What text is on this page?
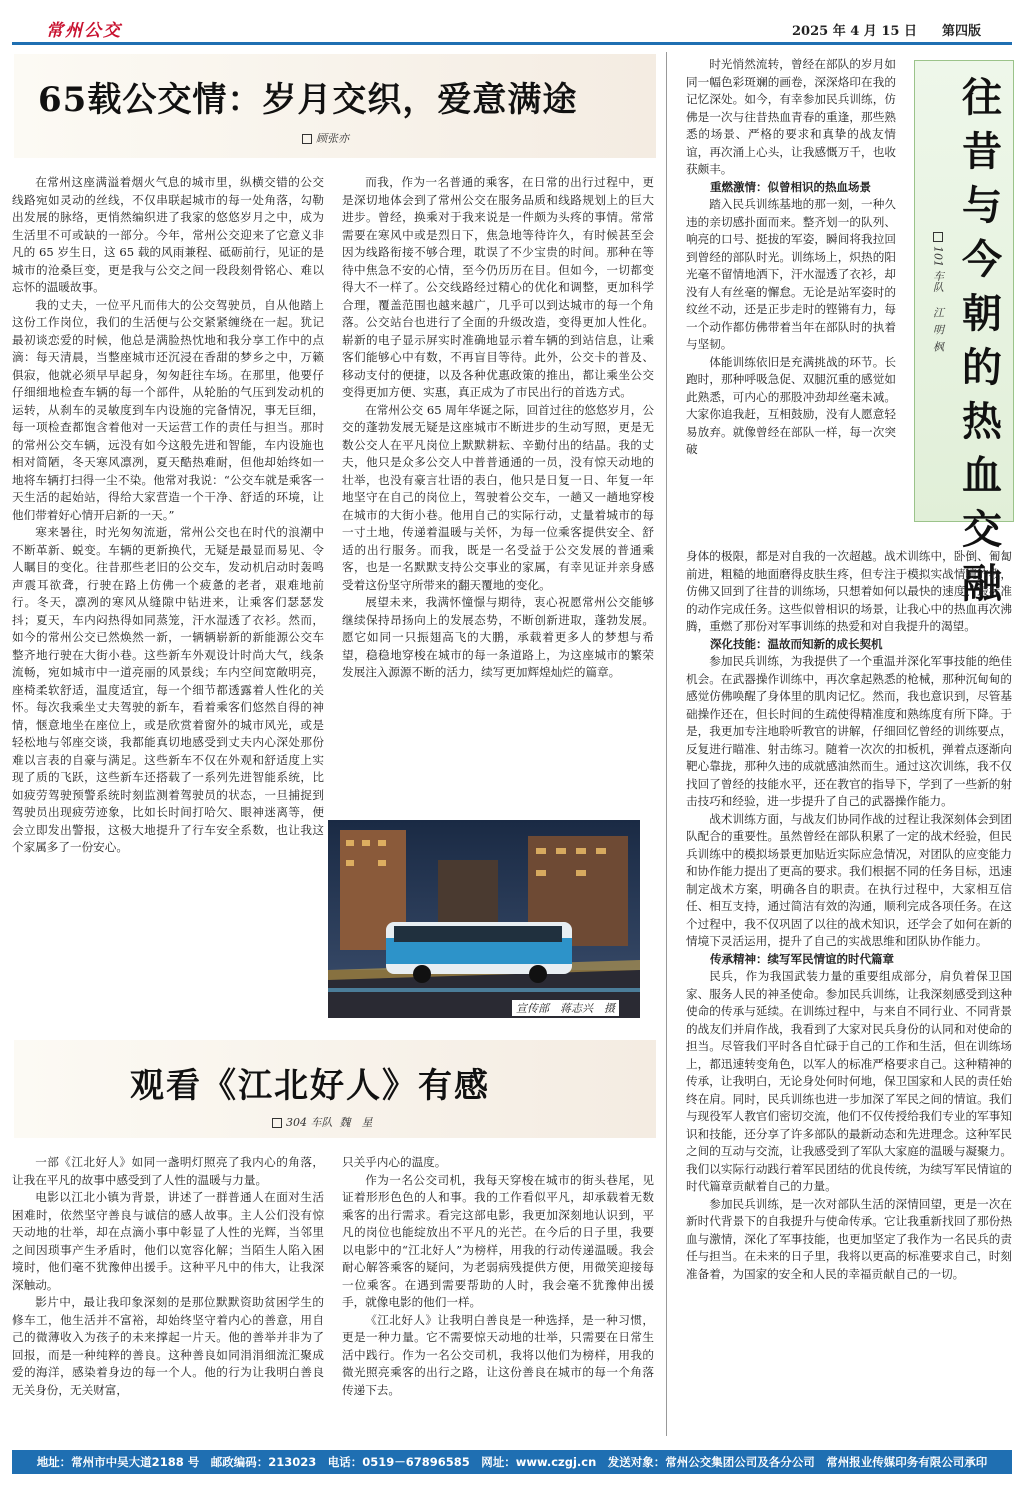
常州公交	2025 年 4 月 15 日 第四版
65载公交情：岁月交织，爱意满途
顾张亦

在常州这座满溢着烟火气息的城市里，纵横交错的公交线路宛如灵动的丝线，不仅串联起城市的每一处角落，勾勒出发展的脉络，更悄然编织进了我家的悠悠岁月之中，成为生活里不可或缺的一部分。今年，常州公交迎来了它意义非凡的 65 岁生日，这 65 载的风雨兼程、砥砺前行，见证的是城市的沧桑巨变，更是我与公交之间一段段刻骨铭心、难以忘怀的温暖故事。

我的丈夫，一位平凡而伟大的公交驾驶员，自从他踏上这份工作岗位，我们的生活便与公交紧紧缠绕在一起。犹记最初谈恋爱的时候，他总是满脸热忱地和我分享工作中的点滴：每天清晨，当整座城市还沉浸在香甜的梦乡之中，万籁俱寂，他就必须早早起身，匆匆赶往车场。在那里，他要仔仔细细地检查车辆的每一个部件，从轮胎的气压到发动机的运转，从刹车的灵敏度到车内设施的完备情况，事无巨细，每一项检查都饱含着他对一天运营工作的责任与担当。那时的常州公交车辆，远没有如今这般先进和智能，车内设施也相对简陋，冬天寒风凛冽，夏天酷热难耐，但他却始终如一地将车辆打扫得一尘不染。他常对我说：“公交车就是乘客一天生活的起始站，得给大家营造一个干净、舒适的环境，让他们带着好心情开启新的一天。”

寒来暑往，时光匆匆流逝，常州公交也在时代的浪潮中不断革新、蜕变。车辆的更新换代，无疑是最显而易见、令人瞩目的变化。往昔那些老旧的公交车，发动机启动时轰鸣声震耳欲聋，行驶在路上仿佛一个疲惫的老者，艰难地前行。冬天，凛冽的寒风从缝隙中钻进来，让乘客们瑟瑟发抖；夏天，车内闷热得如同蒸笼，汗水湿透了衣衫。然而，如今的常州公交已然焕然一新，一辆辆崭新的新能源公交车整齐地行驶在大街小巷。这些新车外观设计时尚大气，线条流畅，宛如城市中一道亮丽的风景线；车内空间宽敞明亮，座椅柔软舒适，温度适宜，每一个细节都透露着人性化的关怀。每次我乘坐丈夫驾驶的新车，看着乘客们悠然自得的神情，惬意地坐在座位上，或是欣赏着窗外的城市风光，或是轻松地与邻座交谈，我都能真切地感受到丈夫内心深处那份难以言表的自豪与满足。这些新车不仅在外观和舒适度上实现了质的飞跃，这些新车还搭载了一系列先进智能系统，比如疲劳驾驶预警系统时刻监测着驾驶员的状态，一旦捕捉到驾驶员出现疲劳迹象，比如长时间打哈欠、眼神迷离等，便会立即发出警报，这极大地提升了行车安全系数，也让我这个家属多了一份安心。

而我，作为一名普通的乘客，在日常的出行过程中，更是深切地体会到了常州公交在服务品质和线路规划上的巨大进步。曾经，换乘对于我来说是一件颇为头疼的事情。常常需要在寒风中或是烈日下，焦急地等待许久，有时候甚至会因为线路衔接不够合理，耽误了不少宝贵的时间。那种在等待中焦急不安的心情，至今仍历历在目。但如今，一切都变得大不一样了。公交线路经过精心的优化和调整，更加科学合理，覆盖范围也越来越广，几乎可以到达城市的每一个角落。公交站台也进行了全面的升级改造，变得更加人性化。崭新的电子显示屏实时准确地显示着车辆的到站信息，让乘客们能够心中有数，不再盲目等待。此外，公交卡的普及、移动支付的便捷，以及各种优惠政策的推出，都让乘坐公交变得更加方便、实惠，真正成为了市民出行的首选方式。

在常州公交 65 周年华诞之际，回首过往的悠悠岁月，公交的蓬勃发展无疑是这座城市不断进步的生动写照，更是无数公交人在平凡岗位上默默耕耘、辛勤付出的结晶。我的丈夫，他只是众多公交人中普普通通的一员，没有惊天动地的壮举，也没有豪言壮语的表白，他只是日复一日、年复一年地坚守在自己的岗位上，驾驶着公交车，一趟又一趟地穿梭在城市的大街小巷。他用自己的实际行动，丈量着城市的每一寸土地，传递着温暖与关怀，为每一位乘客提供安全、舒适的出行服务。而我，既是一名受益于公交发展的普通乘客，也是一名默默支持公交事业的家属，有幸见证并亲身感受着这份坚守所带来的翻天覆地的变化。

展望未来，我满怀憧憬与期待，衷心祝愿常州公交能够继续保持昂扬向上的发展态势，不断创新进取，蓬勃发展。愿它如同一只振翅高飞的大鹏，承载着更多人的梦想与希望，稳稳地穿梭在城市的每一条道路上，为这座城市的繁荣发展注入源源不断的活力，续写更加辉煌灿烂的篇章。

宣传部　蒋志兴　摄
观看《江北好人》有感
304 车队 魏　星

一部《江北好人》如同一盏明灯照亮了我内心的角落，让我在平凡的故事中感受到了人性的温暖与力量。

电影以江北小镇为背景，讲述了一群普通人在面对生活困难时，依然坚守善良与诚信的感人故事。主人公们没有惊天动地的壮举，却在点滴小事中彰显了人性的光辉，当邻里之间因琐事产生矛盾时，他们以宽容化解；当陌生人陷入困境时，他们毫不犹豫伸出援手。这种平凡中的伟大，让我深深触动。

影片中，最让我印象深刻的是那位默默资助贫困学生的修车工，他生活并不富裕，却始终坚守着内心的善意，用自己的微薄收入为孩子的未来撑起一片天。他的善举并非为了回报，而是一种纯粹的善良。这种善良如同涓涓细流汇聚成爱的海洋，感染着身边的每一个人。他的行为让我明白善良无关身份，无关财富，

只关乎内心的温度。

作为一名公交司机，我每天穿梭在城市的街头巷尾，见证着形形色色的人和事。我的工作看似平凡，却承载着无数乘客的出行需求。看完这部电影，我更加深刻地认识到，平凡的岗位也能绽放出不平凡的光芒。在今后的日子里，我要以电影中的“江北好人”为榜样，用我的行动传递温暖。我会耐心解答乘客的疑问，为老弱病残提供方便，用微笑迎接每一位乘客。在遇到需要帮助的人时，我会毫不犹豫伸出援手，就像电影的他们一样。

《江北好人》让我明白善良是一种选择，是一种习惯，更是一种力量。它不需要惊天动地的壮举，只需要在日常生活中践行。作为一名公交司机，我将以他们为榜样，用我的微光照亮乘客的出行之路，让这份善良在城市的每一个角落传递下去。

往昔与今朝的热血交融

101 车队
江明枫

时光悄然流转，曾经在部队的岁月如同一幅色彩斑斓的画卷，深深烙印在我的记忆深处。如今，有幸参加民兵训练，仿佛是一次与往昔热血青春的重逢，那些熟悉的场景、严格的要求和真挚的战友情谊，再次涌上心头，让我感慨万千，也收获颇丰。

重燃激情：似曾相识的热血场景

踏入民兵训练基地的那一刻，一种久违的亲切感扑面而来。整齐划一的队列、响亮的口号、挺拔的军姿，瞬间将我拉回到曾经的部队时光。训练场上，炽热的阳光毫不留情地洒下，汗水湿透了衣衫，却没有人有丝毫的懈怠。无论是站军姿时的纹丝不动，还是正步走时的铿锵有力，每一个动作都仿佛带着当年在部队时的执着与坚韧。

体能训练依旧是充满挑战的环节。长跑时，那种呼吸急促、双腿沉重的感觉如此熟悉，可内心的那股冲劲却丝毫未减。大家你追我赶，互相鼓励，没有人愿意轻易放弃。就像曾经在部队一样，每一次突破

身体的极限，都是对自我的一次超越。战术训练中，卧倒、匍匐前进，粗糙的地面磨得皮肤生疼，但专注于模拟实战情境的我，仿佛又回到了往昔的训练场，只想着如何以最快的速度、最标准的动作完成任务。这些似曾相识的场景，让我心中的热血再次沸腾，重燃了那份对军事训练的热爱和对自我提升的渴望。

深化技能：温故而知新的成长契机

参加民兵训练，为我提供了一个重温并深化军事技能的绝佳机会。在武器操作训练中，再次拿起熟悉的枪械，那种沉甸甸的感觉仿佛唤醒了身体里的肌肉记忆。然而，我也意识到，尽管基础操作还在，但长时间的生疏使得精准度和熟练度有所下降。于是，我更加专注地聆听教官的讲解，仔细回忆曾经的训练要点，反复进行瞄准、射击练习。随着一次次的扣板机，弹着点逐渐向靶心靠拢，那种久违的成就感油然而生。通过这次训练，我不仅找回了曾经的技能水平，还在教官的指导下，学到了一些新的射击技巧和经验，进一步提升了自己的武器操作能力。

战术训练方面，与战友们协同作战的过程让我深刻体会到团队配合的重要性。虽然曾经在部队积累了一定的战术经验，但民兵训练中的模拟场景更加贴近实际应急情况，对团队的应变能力和协作能力提出了更高的要求。我们根据不同的任务目标，迅速制定战术方案，明确各自的职责。在执行过程中，大家相互信任、相互支持，通过简洁有效的沟通，顺利完成各项任务。在这个过程中，我不仅巩固了以往的战术知识，还学会了如何在新的情境下灵活运用，提升了自己的实战思维和团队协作能力。

传承精神：续写军民情谊的时代篇章

民兵，作为我国武装力量的重要组成部分，肩负着保卫国家、服务人民的神圣使命。参加民兵训练，让我深刻感受到这种使命的传承与延续。在训练过程中，与来自不同行业、不同背景的战友们并肩作战，我看到了大家对民兵身份的认同和对使命的担当。尽管我们平时各自忙碌于自己的工作和生活，但在训练场上，都迅速转变角色，以军人的标准严格要求自己。这种精神的传承，让我明白，无论身处何时何地，保卫国家和人民的责任始终在肩。同时，民兵训练也进一步加深了军民之间的情谊。我们与现役军人教官们密切交流，他们不仅传授给我们专业的军事知识和技能，还分享了许多部队的最新动态和先进理念。这种军民之间的互动与交流，让我感受到了军队大家庭的温暖与凝聚力。我们以实际行动践行着军民团结的优良传统，为续写军民情谊的时代篇章贡献着自己的力量。

参加民兵训练，是一次对部队生活的深情回望，更是一次在新时代背景下的自我提升与使命传承。它让我重新找回了那份热血与激情，深化了军事技能，也更加坚定了我作为一名民兵的责任与担当。在未来的日子里，我将以更高的标准要求自己，时刻准备着，为国家的安全和人民的幸福贡献自己的一切。

地址：常州市中吴大道2188 号　邮政编码：213023　电话：0519－67896585　网址：www.czgj.cn　发送对象：常州公交集团公司及各分公司　常州报业传媒印务有限公司承印
